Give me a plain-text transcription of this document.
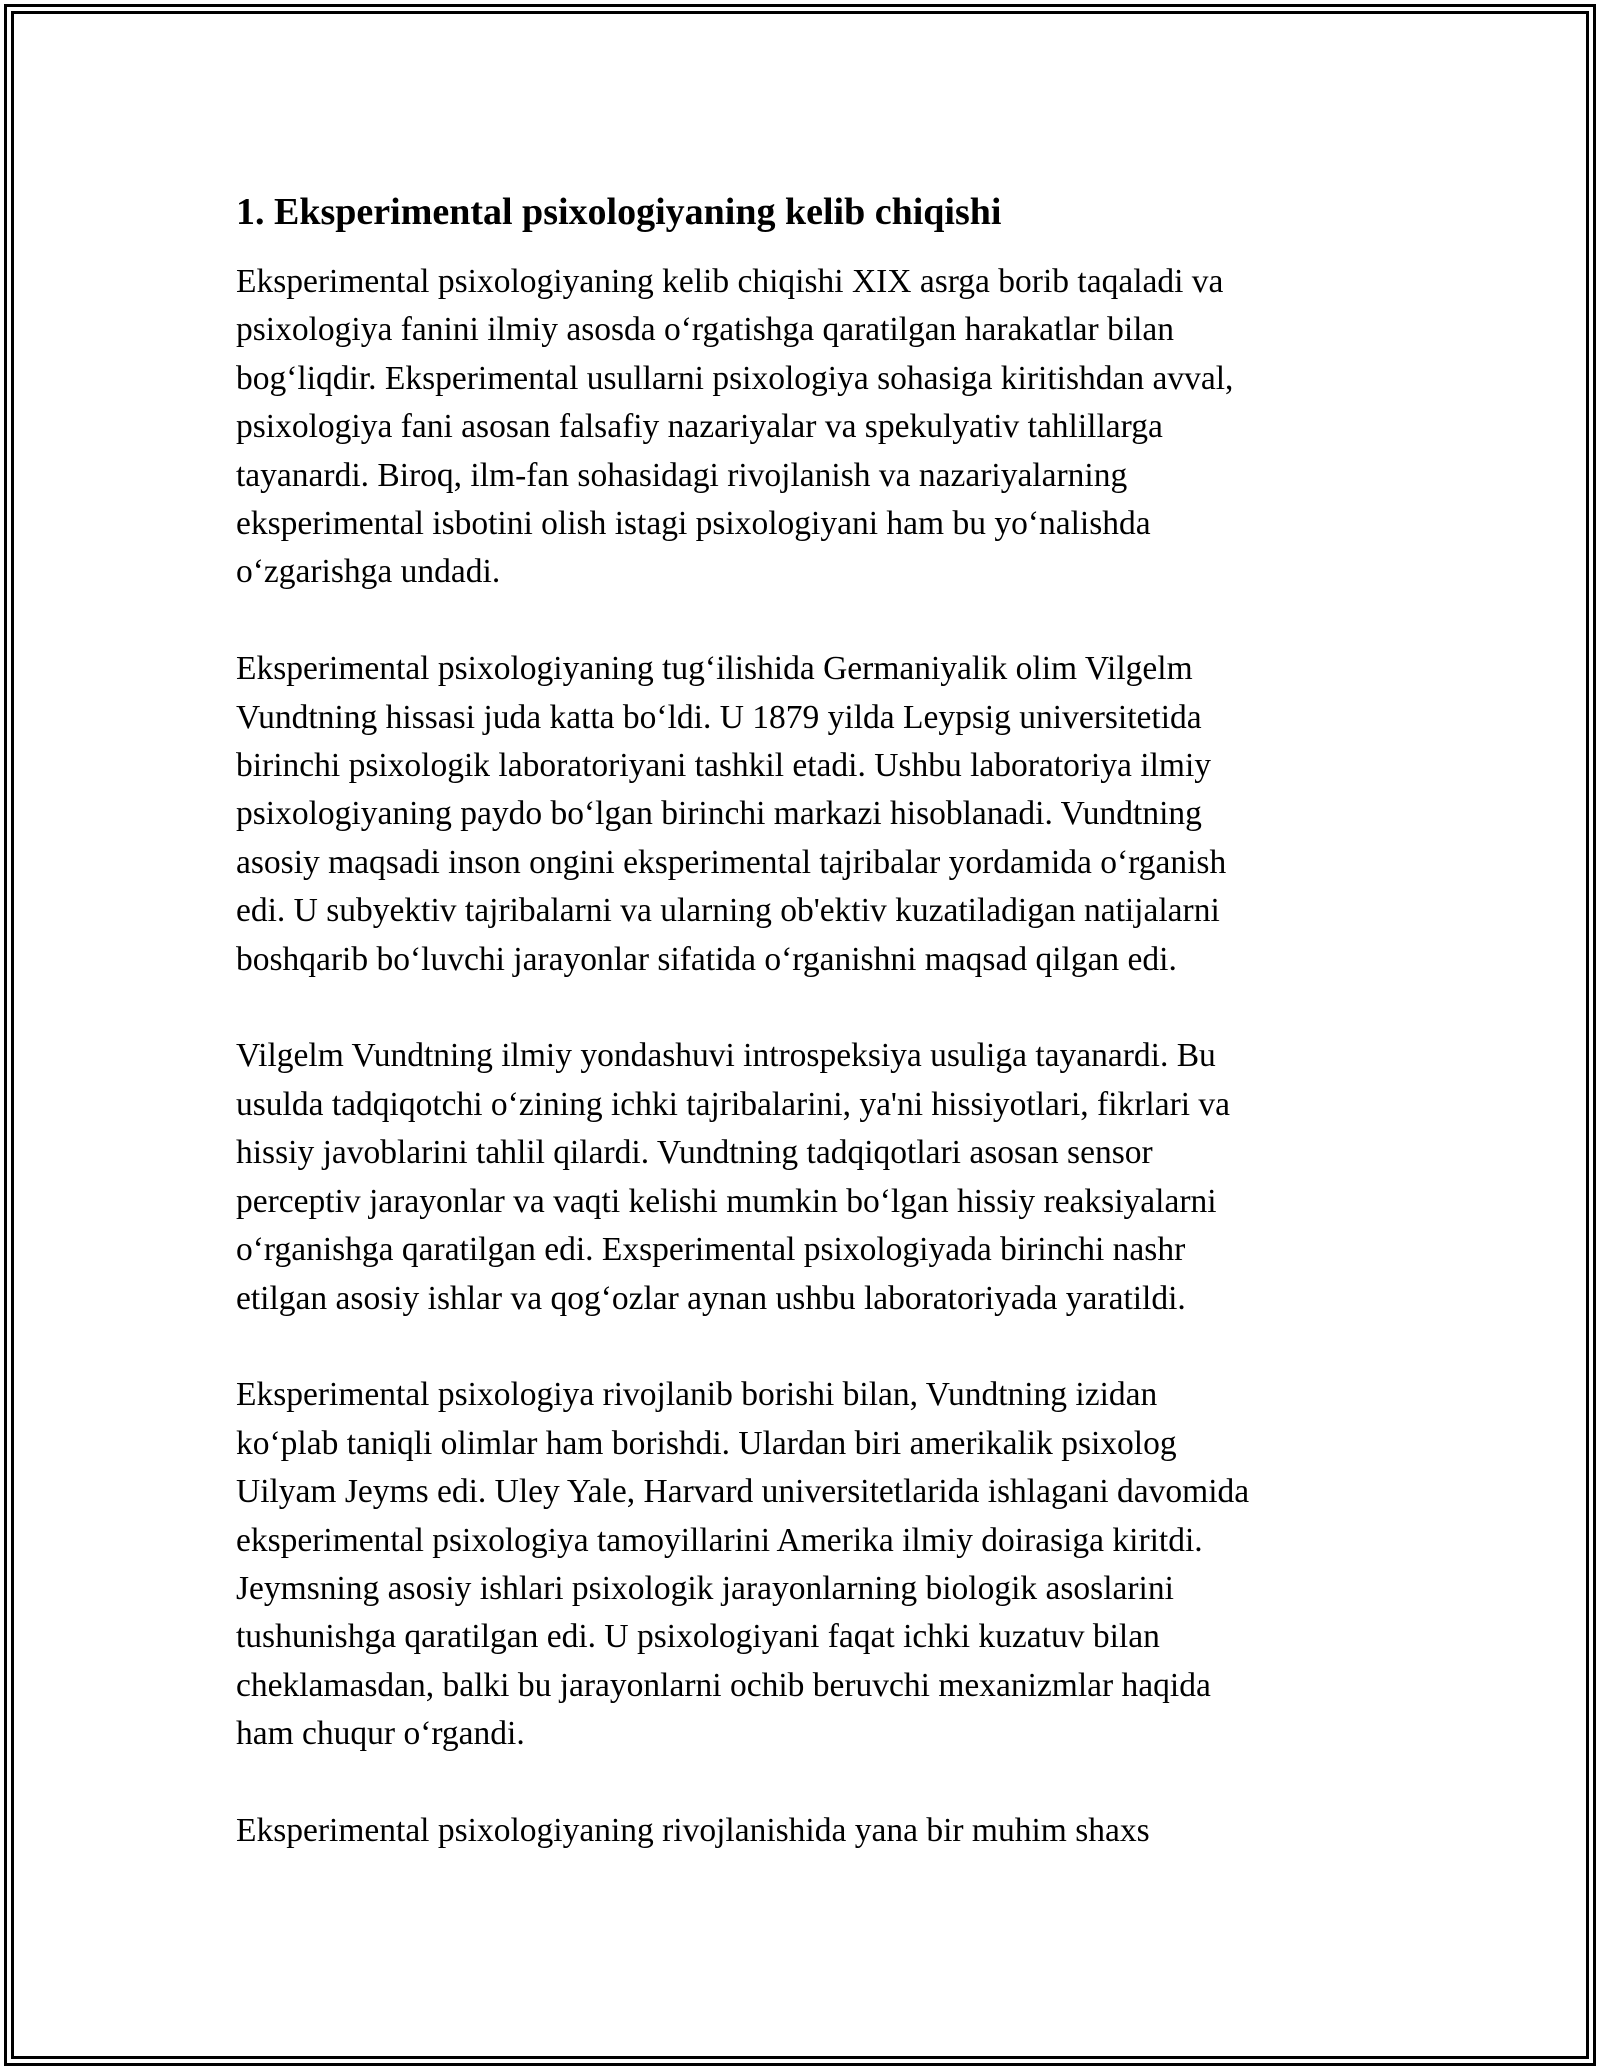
1. Eksperimental psixologiyaning kelib chiqishi

Eksperimental psixologiyaning kelib chiqishi XIX asrga borib taqaladi va
psixologiya fanini ilmiy asosda o‘rgatishga qaratilgan harakatlar bilan
bog‘liqdir. Eksperimental usullarni psixologiya sohasiga kiritishdan avval,
psixologiya fani asosan falsafiy nazariyalar va spekulyativ tahlillarga
tayanardi. Biroq, ilm-fan sohasidagi rivojlanish va nazariyalarning
eksperimental isbotini olish istagi psixologiyani ham bu yo‘nalishda
o‘zgarishga undadi.

Eksperimental psixologiyaning tug‘ilishida Germaniyalik olim Vilgelm
Vundtning hissasi juda katta bo‘ldi. U 1879 yilda Leypsig universitetida
birinchi psixologik laboratoriyani tashkil etadi. Ushbu laboratoriya ilmiy
psixologiyaning paydo bo‘lgan birinchi markazi hisoblanadi. Vundtning
asosiy maqsadi inson ongini eksperimental tajribalar yordamida o‘rganish
edi. U subyektiv tajribalarni va ularning ob'ektiv kuzatiladigan natijalarni
boshqarib bo‘luvchi jarayonlar sifatida o‘rganishni maqsad qilgan edi.

Vilgelm Vundtning ilmiy yondashuvi introspeksiya usuliga tayanardi. Bu
usulda tadqiqotchi o‘zining ichki tajribalarini, ya'ni hissiyotlari, fikrlari va
hissiy javoblarini tahlil qilardi. Vundtning tadqiqotlari asosan sensor
perceptiv jarayonlar va vaqti kelishi mumkin bo‘lgan hissiy reaksiyalarni
o‘rganishga qaratilgan edi. Exsperimental psixologiyada birinchi nashr
etilgan asosiy ishlar va qog‘ozlar aynan ushbu laboratoriyada yaratildi.

Eksperimental psixologiya rivojlanib borishi bilan, Vundtning izidan
ko‘plab taniqli olimlar ham borishdi. Ulardan biri amerikalik psixolog
Uilyam Jeyms edi. Uley Yale, Harvard universitetlarida ishlagani davomida
eksperimental psixologiya tamoyillarini Amerika ilmiy doirasiga kiritdi.
Jeymsning asosiy ishlari psixologik jarayonlarning biologik asoslarini
tushunishga qaratilgan edi. U psixologiyani faqat ichki kuzatuv bilan
cheklamasdan, balki bu jarayonlarni ochib beruvchi mexanizmlar haqida
ham chuqur o‘rgandi.

Eksperimental psixologiyaning rivojlanishida yana bir muhim shaxs
